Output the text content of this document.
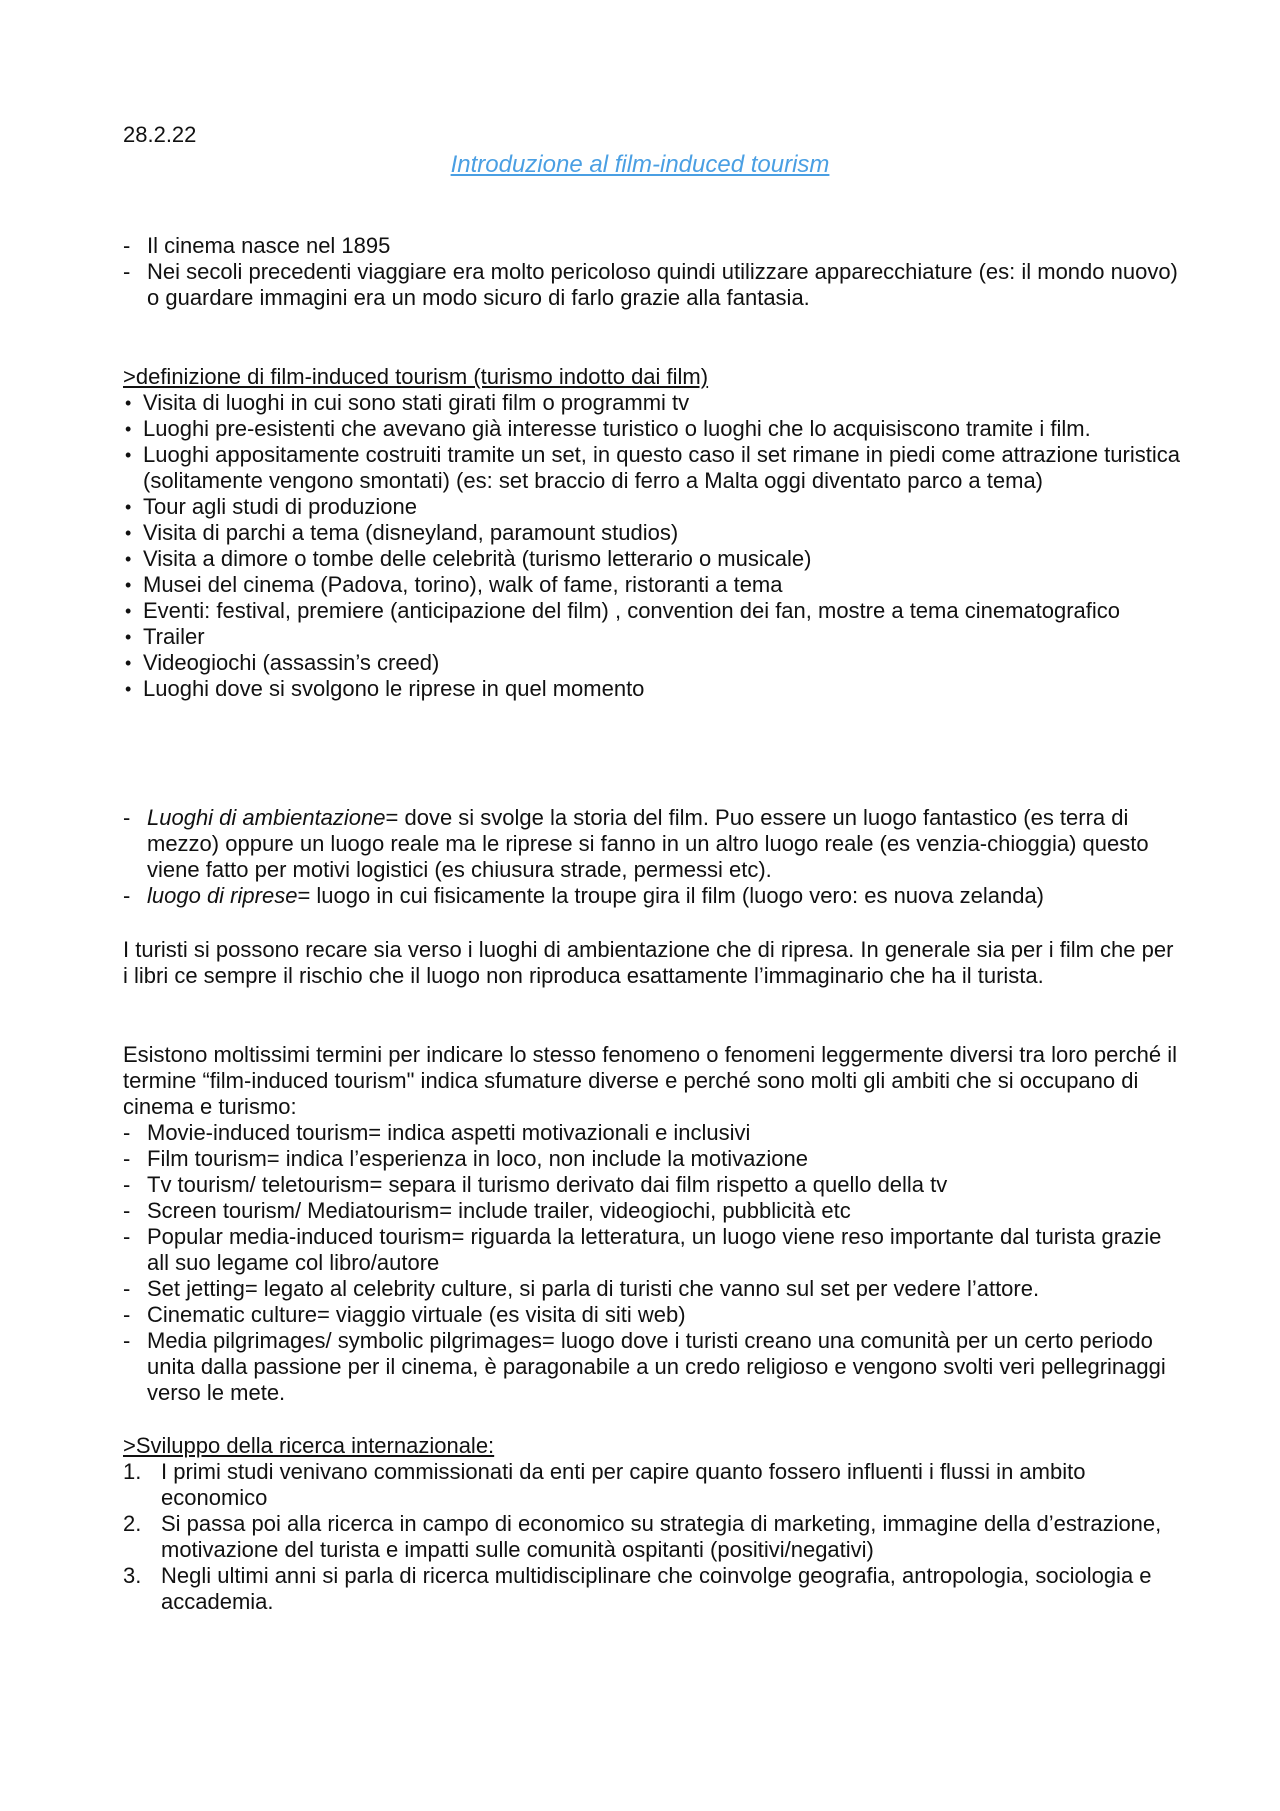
28.2.22
Introduzione al film-induced tourism
- Il cinema nasce nel 1895
- Nei secoli precedenti viaggiare era molto pericoloso quindi utilizzare apparecchiature (es: il mondo nuovo) o guardare immagini era un modo sicuro di farlo grazie alla fantasia.

>definizione di film-induced tourism (turismo indotto dai film)

• Visita di luoghi in cui sono stati girati film o programmi tv
• Luoghi pre-esistenti che avevano già interesse turistico o luoghi che lo acquisiscono tramite i film.
• Luoghi appositamente costruiti tramite un set, in questo caso il set rimane in piedi come attrazione turistica (solitamente vengono smontati) (es: set braccio di ferro a Malta oggi diventato parco a tema)
• Tour agli studi di produzione
• Visita di parchi a tema (disneyland, paramount studios)
• Visita a dimore o tombe delle celebrità (turismo letterario o musicale)
• Musei del cinema (Padova, torino), walk of fame, ristoranti a tema
• Eventi: festival, premiere (anticipazione del film) , convention dei fan, mostre a tema cinematografico
• Trailer
• Videogiochi (assassin’s creed)
• Luoghi dove si svolgono le riprese in quel momento
- Luoghi di ambientazione= dove si svolge la storia del film. Puo essere un luogo fantastico (es terra di mezzo) oppure un luogo reale ma le riprese si fanno in un altro luogo reale (es venzia-chioggia) questo viene fatto per motivi logistici (es chiusura strade, permessi etc).
- luogo di riprese= luogo in cui fisicamente la troupe gira il film (luogo vero: es nuova zelanda)

I turisti si possono recare sia verso i luoghi di ambientazione che di ripresa. In generale sia per i film che per i libri ce sempre il rischio che il luogo non riproduca esattamente l’immaginario che ha il turista.

Esistono moltissimi termini per indicare lo stesso fenomeno o fenomeni leggermente diversi tra loro perché il termine “film-induced tourism" indica sfumature diverse e perché sono molti gli ambiti che si occupano di cinema e turismo:

- Movie-induced tourism= indica aspetti motivazionali e inclusivi
- Film tourism= indica l’esperienza in loco, non include la motivazione
- Tv tourism/ teletourism= separa il turismo derivato dai film rispetto a quello della tv
- Screen tourism/ Mediatourism= include trailer, videogiochi, pubblicità etc
- Popular media-induced tourism= riguarda la letteratura, un luogo viene reso importante dal turista grazie all suo legame col libro/autore
- Set jetting= legato al celebrity culture, si parla di turisti che vanno sul set per vedere l’attore.
- Cinematic culture= viaggio virtuale (es visita di siti web)
- Media pilgrimages/ symbolic pilgrimages= luogo dove i turisti creano una comunità per un certo periodo unita dalla passione per il cinema, è paragonabile a un credo religioso e vengono svolti veri pellegrinaggi verso le mete.

>Sviluppo della ricerca internazionale:

1. I primi studi venivano commissionati da enti per capire quanto fossero influenti i flussi in ambito economico
2. Si passa poi alla ricerca in campo di economico su strategia di marketing, immagine della d’estrazione, motivazione del turista e impatti sulle comunità ospitanti (positivi/negativi)
3. Negli ultimi anni si parla di ricerca multidisciplinare che coinvolge geografia, antropologia, sociologia e accademia.
